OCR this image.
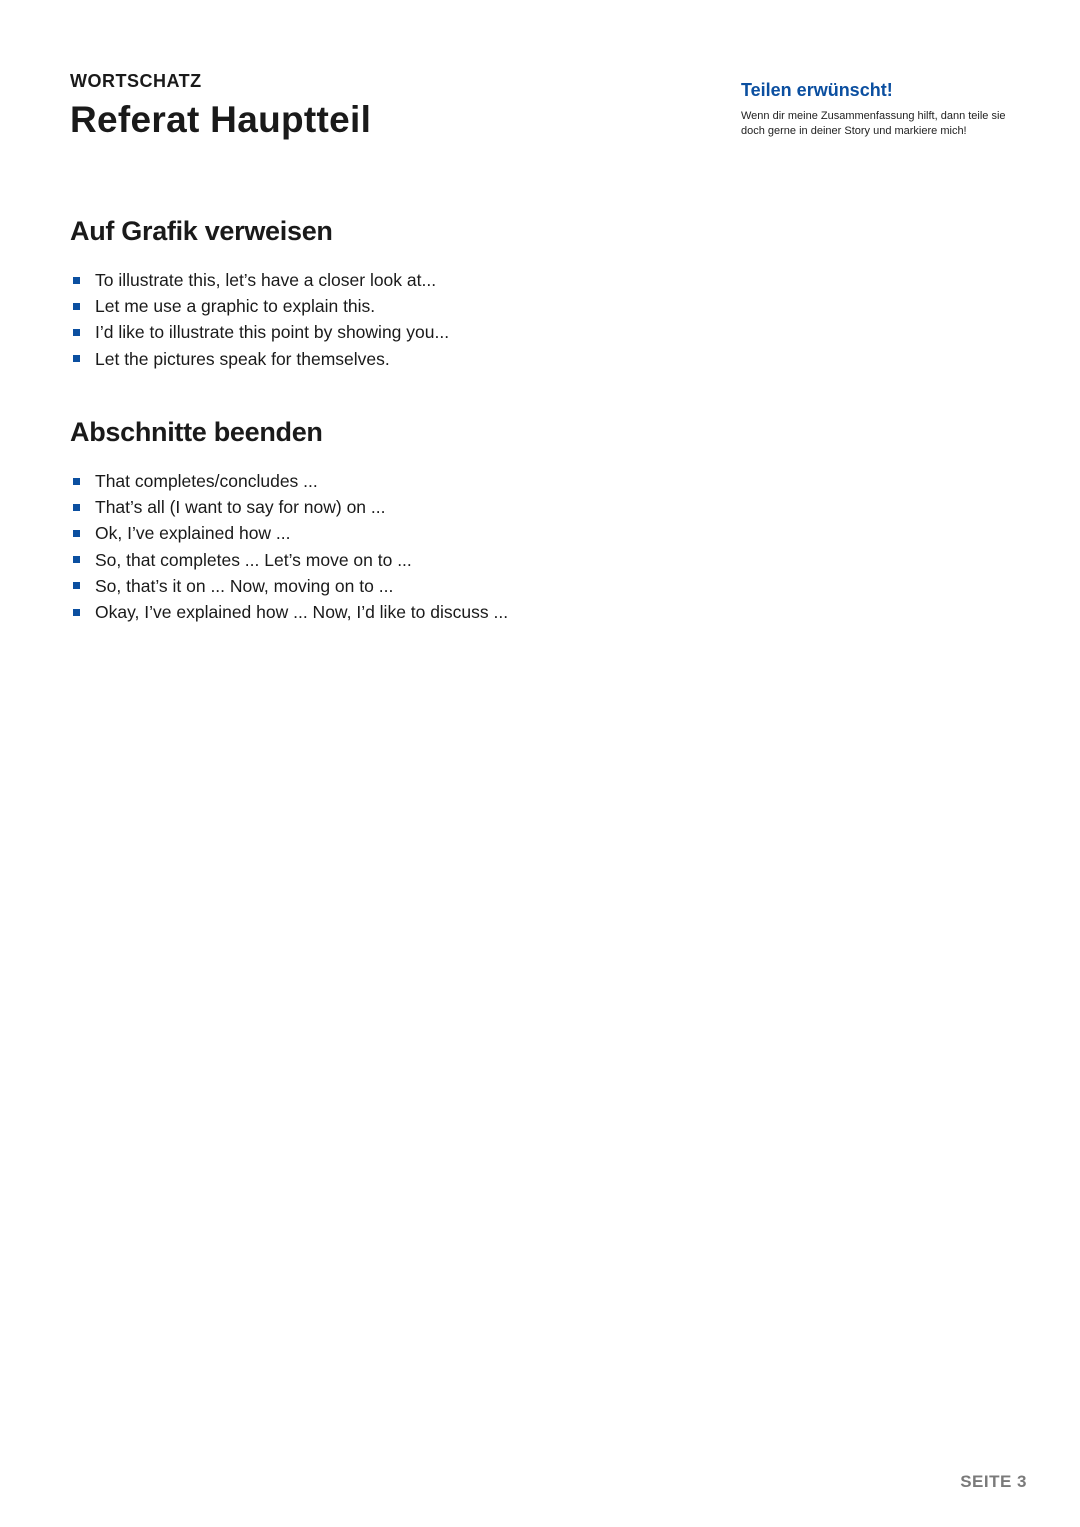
WORTSCHATZ

Referat Hauptteil

Teilen erwünscht!

Wenn dir meine Zusammenfassung hilft, dann teile sie doch gerne in deiner Story und markiere mich!

Auf Grafik verweisen
To illustrate this, let’s have a closer look at...
Let me use a graphic to explain this.
I’d like to illustrate this point by showing you...
Let the pictures speak for themselves.
Abschnitte beenden
That completes/concludes ...
That’s all (I want to say for now) on ...
Ok, I’ve explained how ...
So, that completes ... Let’s move on to ...
So, that’s it on ... Now, moving on to ...
Okay, I’ve explained how ... Now, I’d like to discuss ...
SEITE 3
